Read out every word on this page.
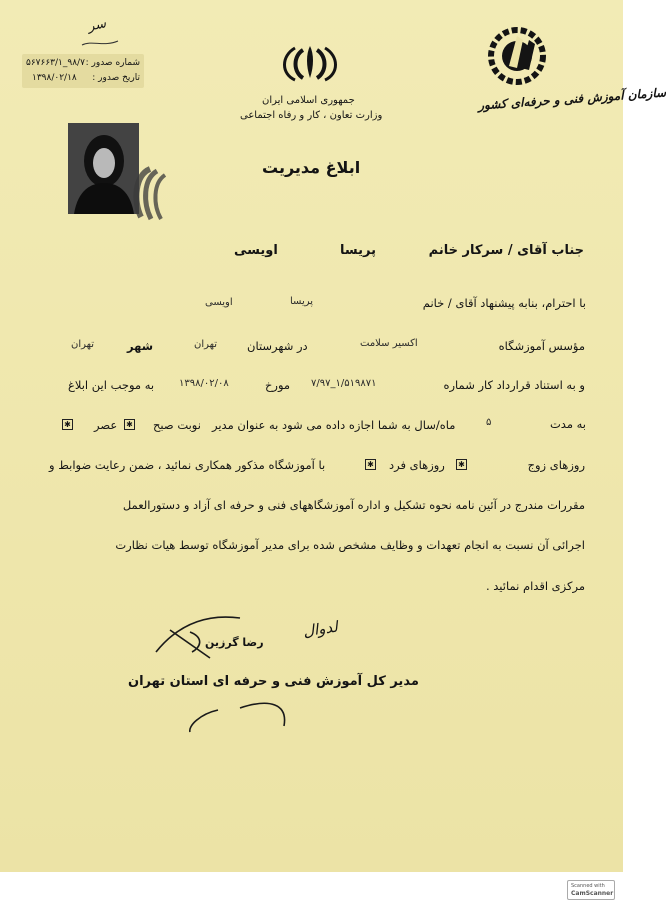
سر
شماره صدور :
۹۸/۷_۵۶۷۶۶۳/۱
تاریخ صدور :
۱۳۹۸/۰۲/۱۸
جمهوری اسلامی ایران
وزارت تعاون ، کار و رفاه اجتماعی
سازمان آموزش فنی و حرفه‌ای کشور
ابلاغ مدیریت
جناب آقای / سرکار خانم
پریسا
اویسی
با احترام، بنابه پیشنهاد آقای / خانم
پریسا
اویسی
مؤسس آموزشگاه
اکسیر سلامت
در شهرستان
تهران
شهر
تهران
و به استناد قرارداد کار شماره
۱/۵۱۹۸۷۱_۷/۹۷
مورخ
۱۳۹۸/۰۲/۰۸
به موجب این ابلاغ
به مدت
۵
ماه/سال به شما اجازه داده می شود به عنوان مدیر
نوبت صبح
✱
عصر
✱
روزهای زوج
✱
روزهای فرد
✱
با آموزشگاه مذکور همکاری نمائید ، ضمن رعایت ضوابط و
مقررات مندرج در آئین نامه نحوه تشکیل و اداره آموزشگاههای فنی و حرفه ای آزاد و دستورالعمل
اجرائی آن نسبت به انجام تعهدات و وظایف مشخص شده برای مدیر آموزشگاه توسط هیات نظارت
مرکزی اقدام نمائید .
لدوال
رضا گرزین
مدیر کل آموزش فنی و حرفه ای استان تهران
Scanned with
CamScanner
